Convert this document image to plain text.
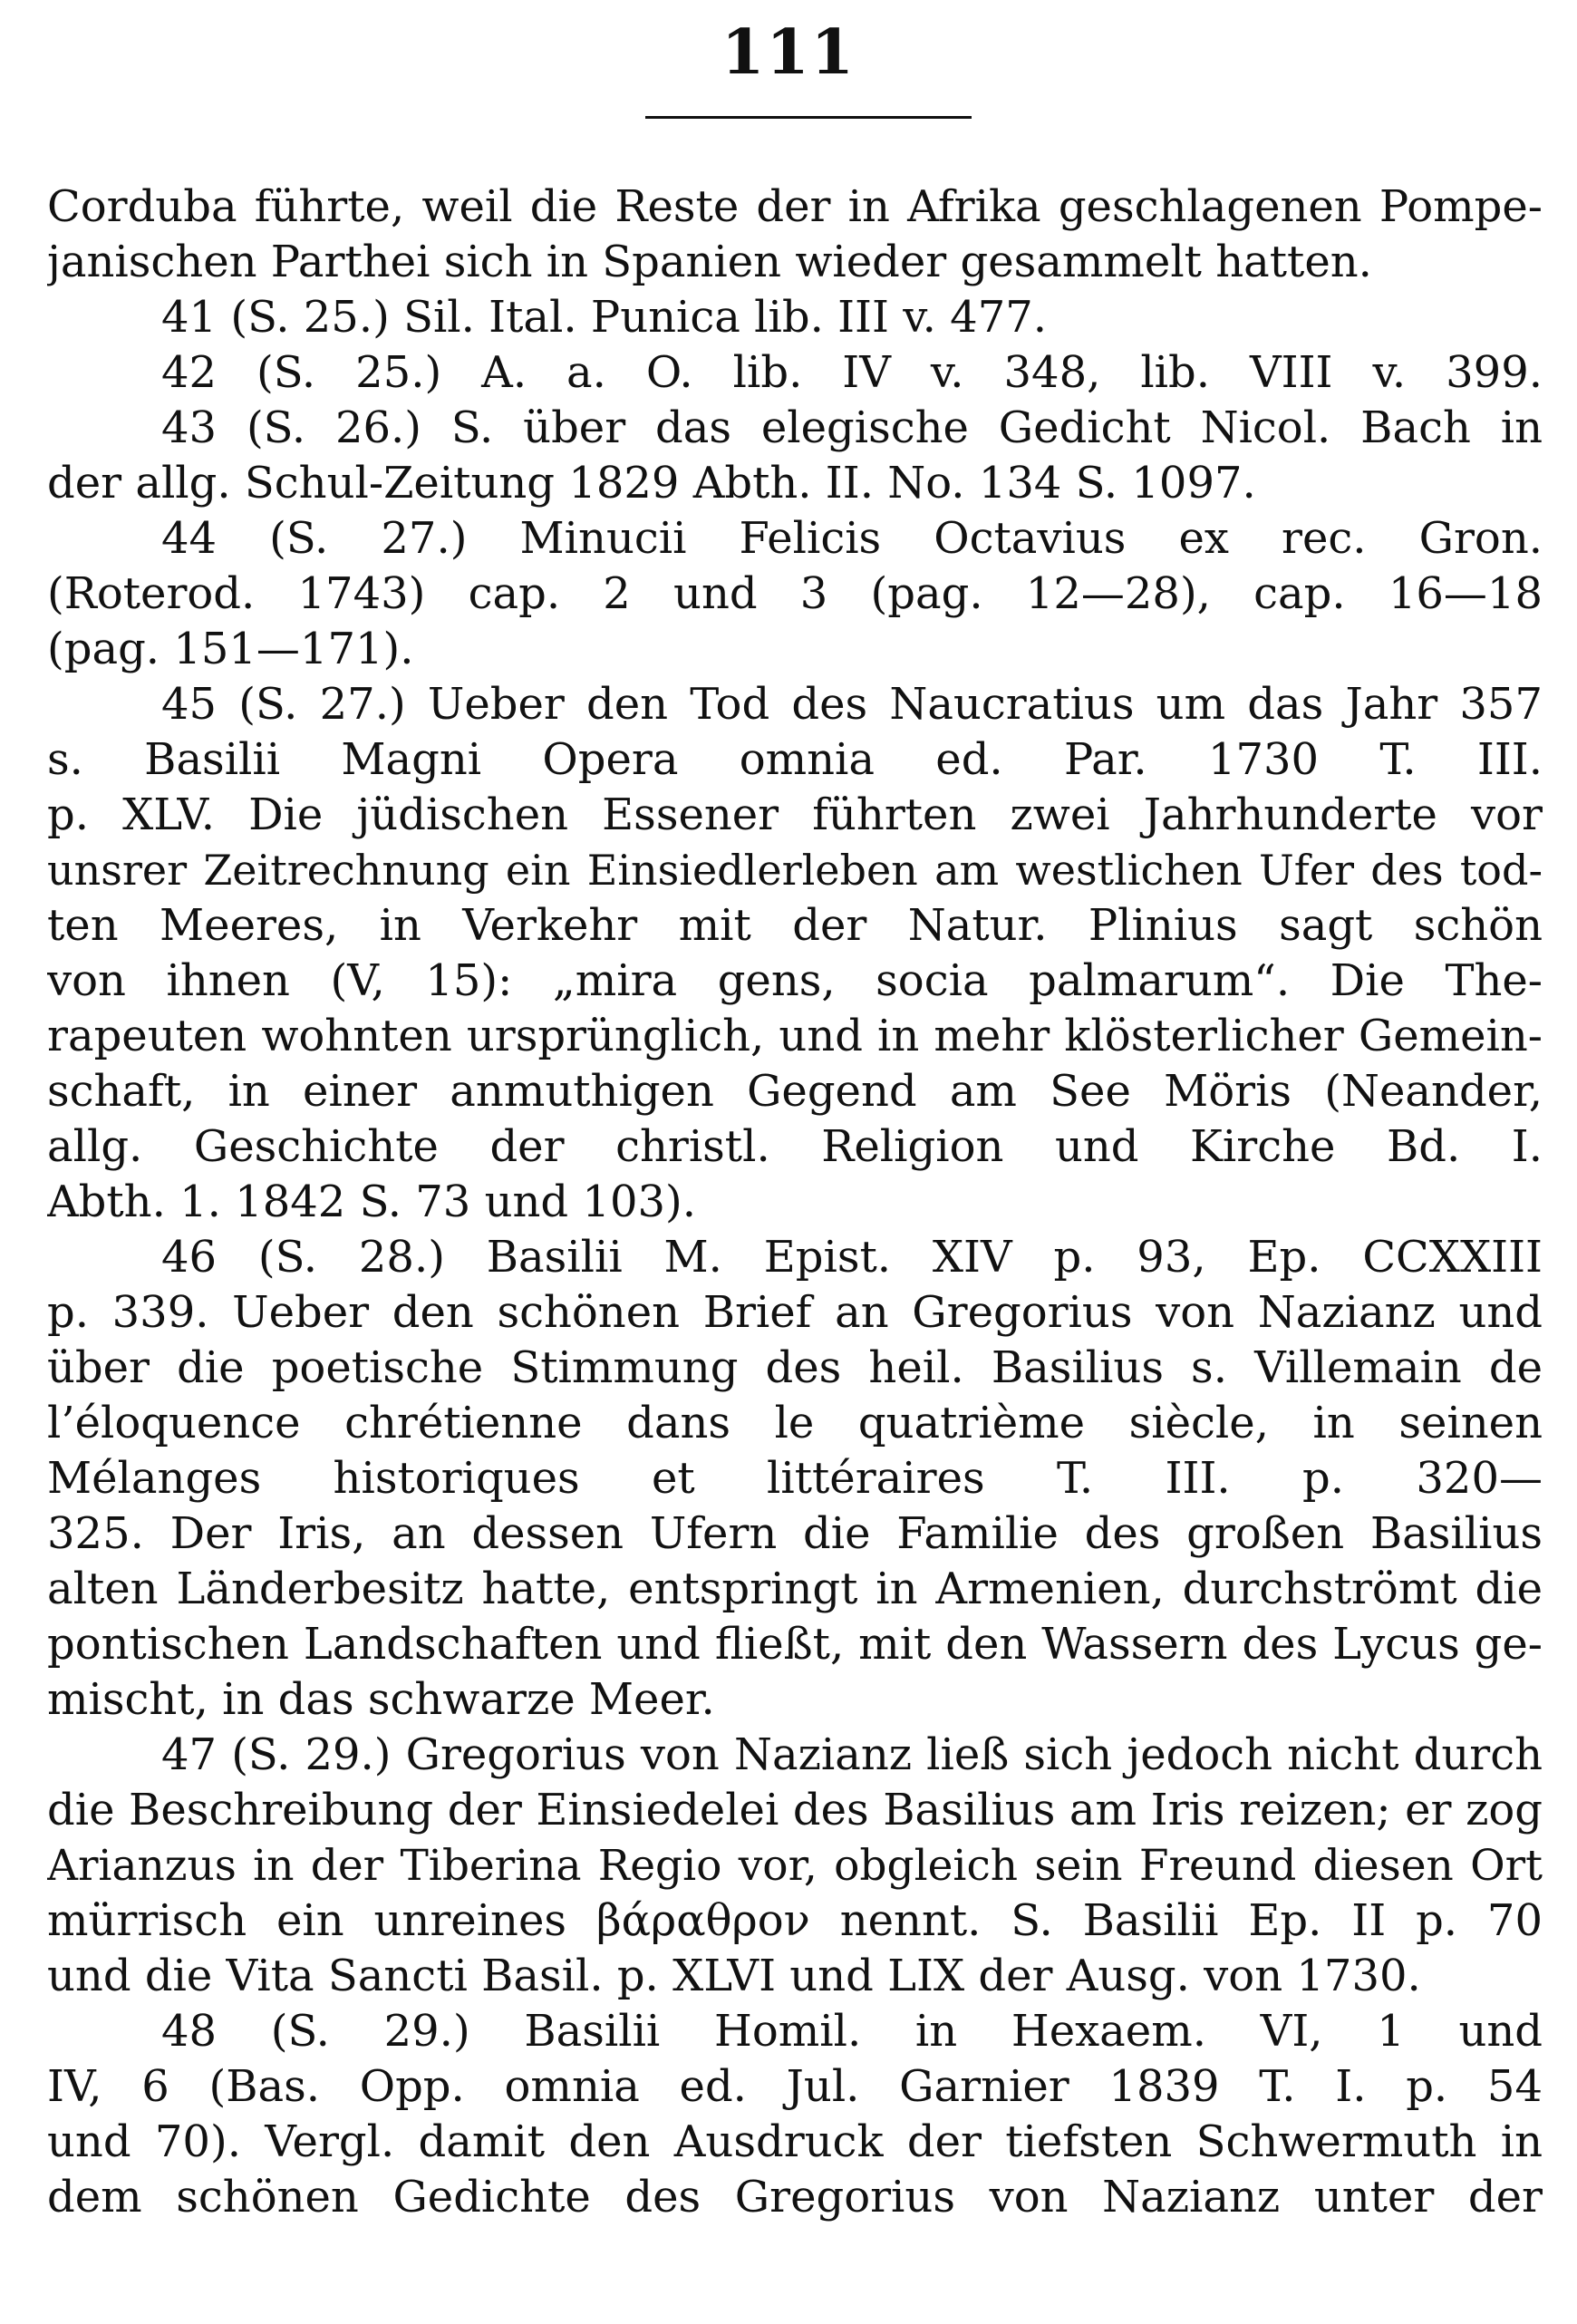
111
Corduba führte, weil die Reste der in Afrika geschlagenen Pompe-
janischen Parthei sich in Spanien wieder gesammelt hatten.
41 (S. 25.) Sil. Ital. Punica lib. III v. 477.
42 (S. 25.) A. a. O. lib. IV v. 348, lib. VIII v. 399.
43 (S. 26.) S. über das elegische Gedicht Nicol. Bach in
der allg. Schul-Zeitung 1829 Abth. II. No. 134 S. 1097.
44 (S. 27.) Minucii Felicis Octavius ex rec. Gron.
(Roterod. 1743) cap. 2 und 3 (pag. 12—28), cap. 16—18
(pag. 151—171).
45 (S. 27.) Ueber den Tod des Naucratius um das Jahr 357
s. Basilii Magni Opera omnia ed. Par. 1730 T. III.
p. XLV. Die jüdischen Essener führten zwei Jahrhunderte vor
unsrer Zeitrechnung ein Einsiedlerleben am westlichen Ufer des tod-
ten Meeres, in Verkehr mit der Natur. Plinius sagt schön
von ihnen (V, 15): „mira gens, socia palmarum“. Die The-
rapeuten wohnten ursprünglich, und in mehr klösterlicher Gemein-
schaft, in einer anmuthigen Gegend am See Möris (Neander,
allg. Geschichte der christl. Religion und Kirche Bd. I.
Abth. 1. 1842 S. 73 und 103).
46 (S. 28.) Basilii M. Epist. XIV p. 93, Ep. CCXXIII
p. 339. Ueber den schönen Brief an Gregorius von Nazianz und
über die poetische Stimmung des heil. Basilius s. Villemain de
l’éloquence chrétienne dans le quatrième siècle, in seinen
Mélanges historiques et littéraires T. III. p. 320—
325. Der Iris, an dessen Ufern die Familie des großen Basilius
alten Länderbesitz hatte, entspringt in Armenien, durchströmt die
pontischen Landschaften und fließt, mit den Wassern des Lycus ge-
mischt, in das schwarze Meer.
47 (S. 29.) Gregorius von Nazianz ließ sich jedoch nicht durch
die Beschreibung der Einsiedelei des Basilius am Iris reizen; er zog
Arianzus in der Tiberina Regio vor, obgleich sein Freund diesen Ort
mürrisch ein unreines βάραθρον nennt. S. Basilii Ep. II p. 70
und die Vita Sancti Basil. p. XLVI und LIX der Ausg. von 1730.
48 (S. 29.) Basilii Homil. in Hexaem. VI, 1 und
IV, 6 (Bas. Opp. omnia ed. Jul. Garnier 1839 T. I. p. 54
und 70). Vergl. damit den Ausdruck der tiefsten Schwermuth in
dem schönen Gedichte des Gregorius von Nazianz unter der
